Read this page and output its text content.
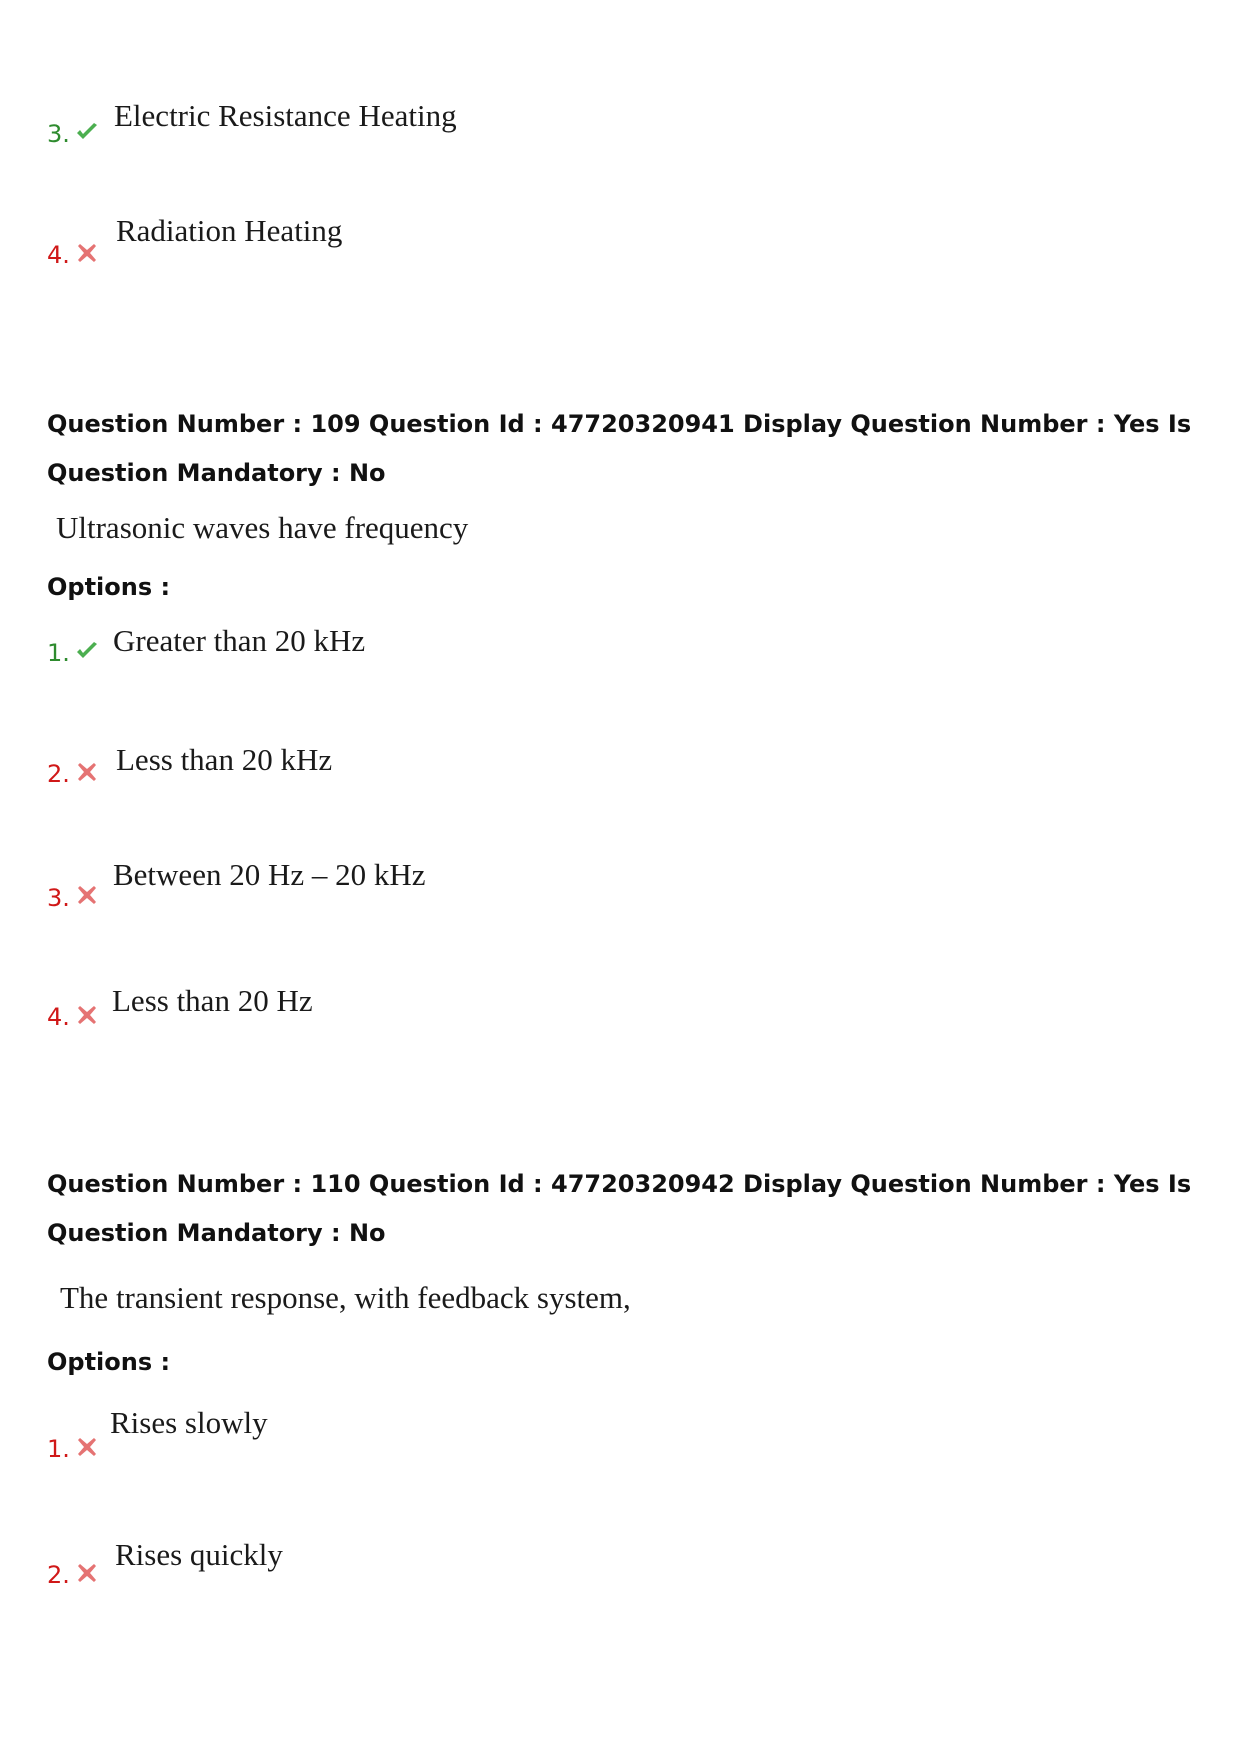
3.
Electric Resistance Heating
4.
Radiation Heating
Question Number : 109 Question Id : 47720320941 Display Question Number : Yes Is Question Mandatory : No
Ultrasonic waves have frequency
Options :
1. Greater than 20 kHz
2. Less than 20 kHz
3.
Between 20 Hz – 20 kHz
4. Less than 20 Hz
Question Number : 110 Question Id : 47720320942 Display Question Number : Yes Is Question Mandatory : No
The transient response, with feedback system,
Options :
1.
Rises slowly
2.
Rises quickly
